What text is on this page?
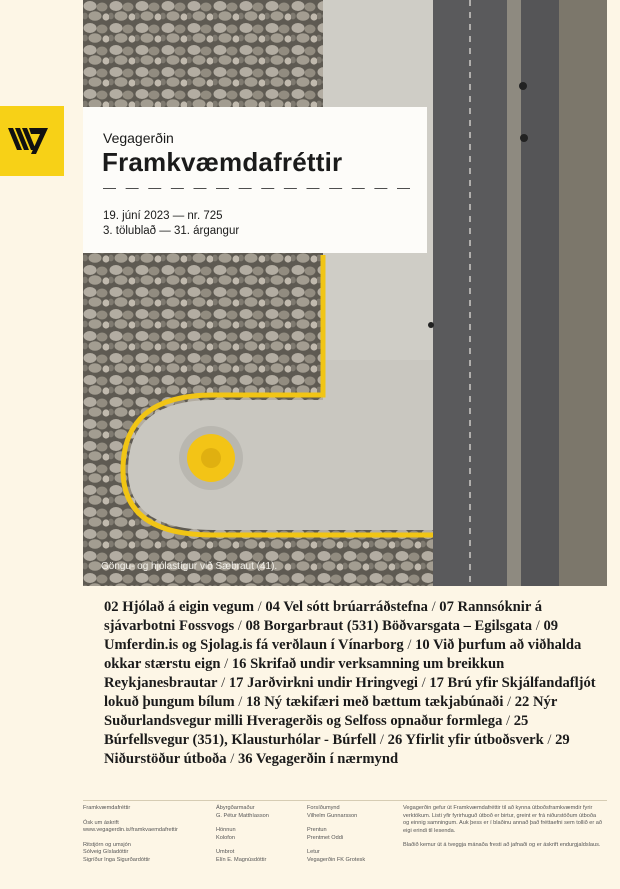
Göngu- og hjólastígur við Sæbraut (41).
Vegagerðin
Framkvæmdafréttir
— — — — — — — — — — — — — —
19. júní 2023 — nr. 725
3. tölublað — 31. árgangur
02 Hjólað á eigin vegum / 04 Vel sótt brúarráðstefna / 07 Rannsóknir á sjávarbotni Fossvogs / 08 Borgarbraut (531) Böðvarsgata – Egilsgata / 09 Umferdin.is og Sjolag.is fá verðlaun í Vínarborg / 10 Við þurfum að viðhalda okkar stærstu eign / 16 Skrifað undir verksamning um breikkun Reykjanesbrautar / 17 Jarðvirkni undir Hringvegi / 17 Brú yfir Skjálfandafljót lokuð þungum bílum / 18 Ný tækifæri með bættum tækjabúnaði / 22 Nýr Suðurlandsvegur milli Hveragerðis og Selfoss opnaður formlega / 25 Búrfellsvegur (351), Klausturhólar - Búrfell / 26 Yfirlit yfir útboðsverk / 29 Niðurstöður útboða / 36 Vegagerðin í nærmynd

Framkvæmdafréttir

Ósk um áskrift
www.vegagerdin.is/framkvaemdafrettir

Ritstjórn og umsjón
Sólveig Gísladóttir
Sigríður Inga Sigurðardóttir

Ábyrgðarmaður
G. Pétur Matthíasson

Hönnun
Kolofon

Umbrot
Elín E. Magnúsdóttir

Forsíðumynd
Vilhelm Gunnarsson

Prentun
Prentmet Oddi

Letur
Vegagerðin FK Grotesk

Vegagerðin gefur út Framkvæmdafréttir til að kynna útboðsframkvæmdir fyrir verktökum. Listi yfir fyrirhuguð útboð er birtur, greint er frá niðurstöðum útboða og einnig samningum. Auk þess er í blaðinu annað það fréttaefni sem tollið er að eigi erindi til lesenda.

Blaðið kemur út á tveggja mánaða fresti að jafnaði og er áskrift endurgjaldslaus.
